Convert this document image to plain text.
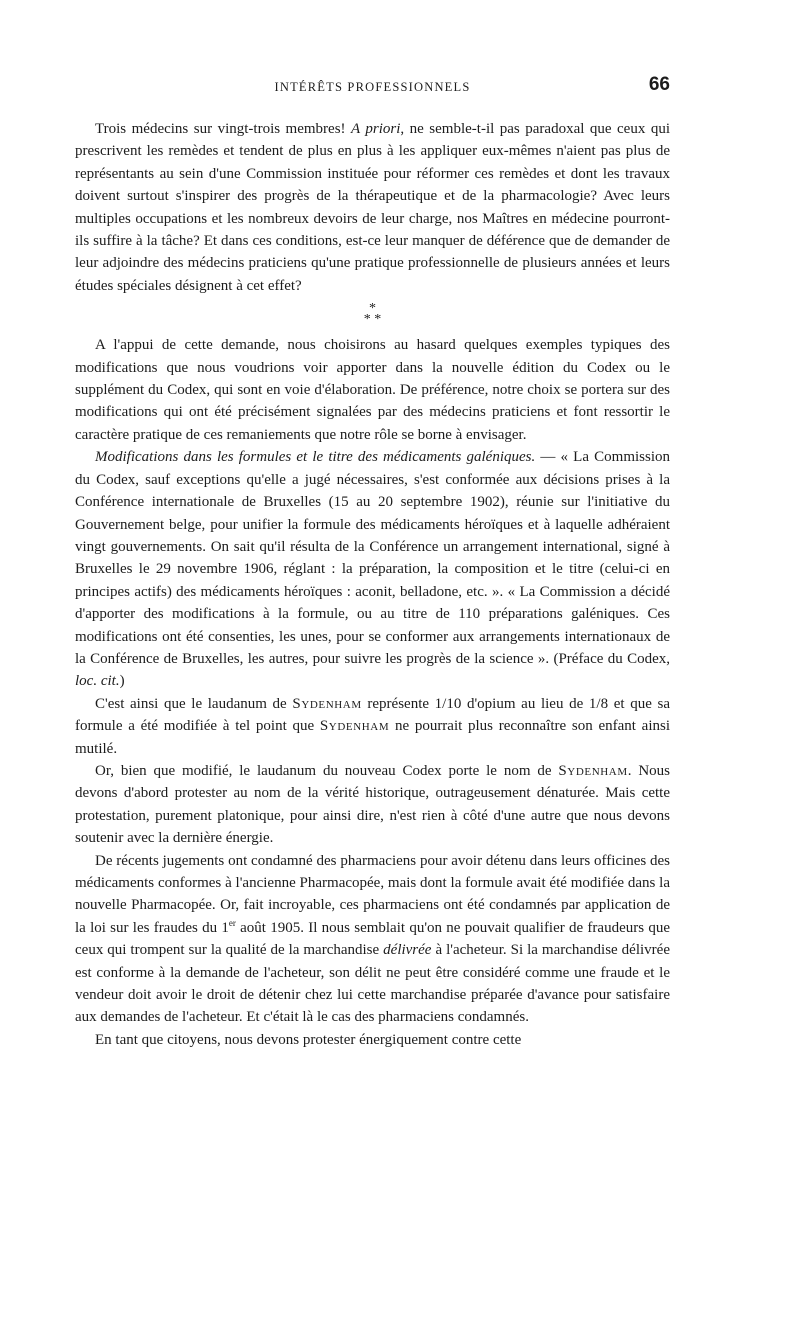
INTÉRÊTS PROFESSIONNELS	66

Trois médecins sur vingt-trois membres! A priori, ne semble-t-il pas paradoxal que ceux qui prescrivent les remèdes et tendent de plus en plus à les appliquer eux-mêmes n'aient pas plus de représentants au sein d'une Commission instituée pour réformer ces remèdes et dont les travaux doivent surtout s'inspirer des progrès de la thérapeutique et de la pharmacologie? Avec leurs multiples occupations et les nombreux devoirs de leur charge, nos Maîtres en médecine pourront-ils suffire à la tâche? Et dans ces conditions, est-ce leur manquer de déférence que de demander de leur adjoindre des médecins praticiens qu'une pratique professionnelle de plusieurs années et leurs études spéciales désignent à cet effet?

*
* *

A l'appui de cette demande, nous choisirons au hasard quelques exemples typiques des modifications que nous voudrions voir apporter dans la nouvelle édition du Codex ou le supplément du Codex, qui sont en voie d'élaboration. De préférence, notre choix se portera sur des modifications qui ont été précisément signalées par des médecins praticiens et font ressortir le caractère pratique de ces remaniements que notre rôle se borne à envisager.

Modifications dans les formules et le titre des médicaments galéniques. — « La Commission du Codex, sauf exceptions qu'elle a jugé nécessaires, s'est conformée aux décisions prises à la Conférence internationale de Bruxelles (15 au 20 septembre 1902), réunie sur l'initiative du Gouvernement belge, pour unifier la formule des médicaments héroïques et à laquelle adhéraient vingt gouvernements. On sait qu'il résulta de la Conférence un arrangement international, signé à Bruxelles le 29 novembre 1906, réglant : la préparation, la composition et le titre (celui-ci en principes actifs) des médicaments héroïques : aconit, belladone, etc. ». « La Commission a décidé d'apporter des modifications à la formule, ou au titre de 110 préparations galéniques. Ces modifications ont été consenties, les unes, pour se conformer aux arrangements internationaux de la Conférence de Bruxelles, les autres, pour suivre les progrès de la science ». (Préface du Codex, loc. cit.)

C'est ainsi que le laudanum de Sydenham représente 1/10 d'opium au lieu de 1/8 et que sa formule a été modifiée à tel point que Sydenham ne pourrait plus reconnaître son enfant ainsi mutilé.

Or, bien que modifié, le laudanum du nouveau Codex porte le nom de Sydenham. Nous devons d'abord protester au nom de la vérité historique, outrageusement dénaturée. Mais cette protestation, purement platonique, pour ainsi dire, n'est rien à côté d'une autre que nous devons soutenir avec la dernière énergie.

De récents jugements ont condamné des pharmaciens pour avoir détenu dans leurs officines des médicaments conformes à l'ancienne Pharmacopée, mais dont la formule avait été modifiée dans la nouvelle Pharmacopée. Or, fait incroyable, ces pharmaciens ont été condamnés par application de la loi sur les fraudes du 1er août 1905. Il nous semblait qu'on ne pouvait qualifier de fraudeurs que ceux qui trompent sur la qualité de la marchandise délivrée à l'acheteur. Si la marchandise délivrée est conforme à la demande de l'acheteur, son délit ne peut être considéré comme une fraude et le vendeur doit avoir le droit de détenir chez lui cette marchandise préparée d'avance pour satisfaire aux demandes de l'acheteur. Et c'était là le cas des pharmaciens condamnés.

En tant que citoyens, nous devons protester énergiquement contre cette
